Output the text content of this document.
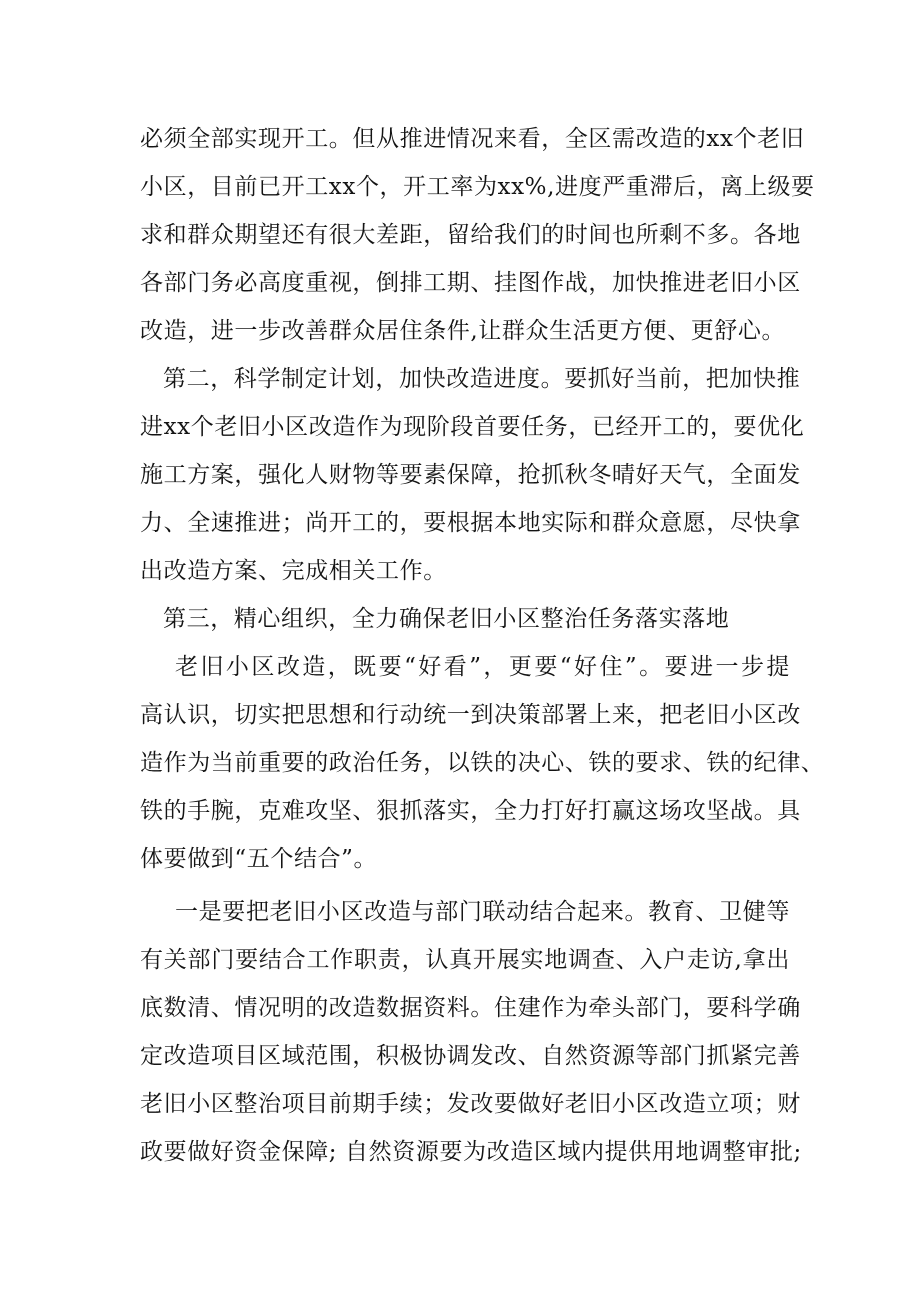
必须全部实现开工。但从推进情况来看，全区需改造的xx个老旧
小区，目前已开工xx个，开工率为xx%,进度严重滞后，离上级要
求和群众期望还有很大差距，留给我们的时间也所剩不多。各地
各部门务必高度重视，倒排工期、挂图作战，加快推进老旧小区
改造，进一步改善群众居住条件,让群众生活更方便、更舒心。
第二，科学制定计划，加快改造进度。要抓好当前，把加快推
进xx个老旧小区改造作为现阶段首要任务，已经开工的，要优化
施工方案，强化人财物等要素保障，抢抓秋冬晴好天气，全面发
力、全速推进；尚开工的，要根据本地实际和群众意愿，尽快拿
出改造方案、完成相关工作。
第三，精心组织，全力确保老旧小区整治任务落实落地
老旧小区改造，既要“好看”，更要“好住”。要进一步提
高认识，切实把思想和行动统一到决策部署上来，把老旧小区改
造作为当前重要的政治任务，以铁的决心、铁的要求、铁的纪律、
铁的手腕，克难攻坚、狠抓落实，全力打好打赢这场攻坚战。具
体要做到“五个结合”。
一是要把老旧小区改造与部门联动结合起来。教育、卫健等
有关部门要结合工作职责，认真开展实地调查、入户走访,拿出
底数清、情况明的改造数据资料。住建作为牵头部门，要科学确
定改造项目区域范围，积极协调发改、自然资源等部门抓紧完善
老旧小区整治项目前期手续；发改要做好老旧小区改造立项；财
政要做好资金保障; 自然资源要为改造区域内提供用地调整审批;
